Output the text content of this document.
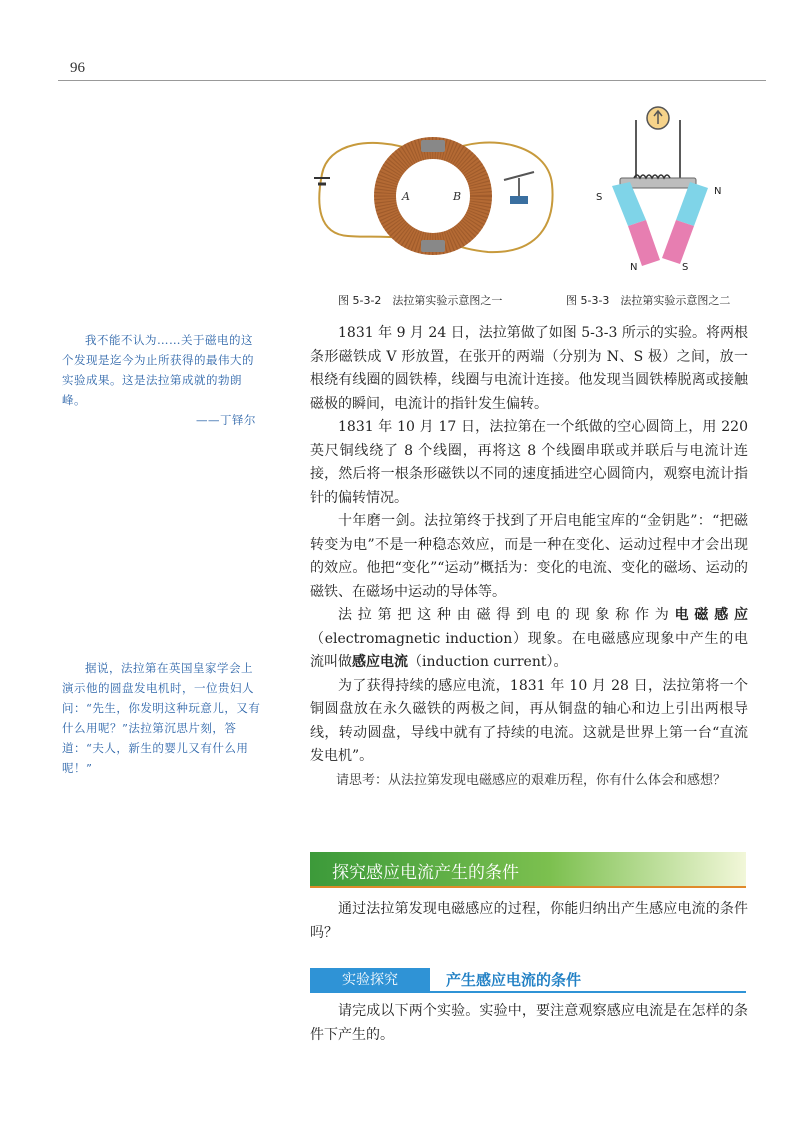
96
A	B
图 5-3-2　法拉第实验示意图之一
S
N
N	S
图 5-3-3　法拉第实验示意图之二

我不能不认为……关于磁电的这个发现是迄今为止所获得的最伟大的实验成果。这是法拉第成就的勃朗峰。

——丁铎尔

据说，法拉第在英国皇家学会上演示他的圆盘发电机时，一位贵妇人问：“先生，你发明这种玩意儿，又有什么用呢？”法拉第沉思片刻，答道：“夫人，新生的婴儿又有什么用呢！”

1831 年 9 月 24 日，法拉第做了如图 5-3-3 所示的实验。将两根条形磁铁成 V 形放置，在张开的两端（分别为 N、S 极）之间，放一根绕有线圈的圆铁棒，线圈与电流计连接。他发现当圆铁棒脱离或接触磁极的瞬间，电流计的指针发生偏转。

1831 年 10 月 17 日，法拉第在一个纸做的空心圆筒上，用 220 英尺铜线绕了 8 个线圈，再将这 8 个线圈串联或并联后与电流计连接，然后将一根条形磁铁以不同的速度插进空心圆筒内，观察电流计指针的偏转情况。

十年磨一剑。法拉第终于找到了开启电能宝库的“金钥匙”：“把磁转变为电”不是一种稳态效应，而是一种在变化、运动过程中才会出现的效应。他把“变化”“运动”概括为：变化的电流、变化的磁场、运动的磁铁、在磁场中运动的导体等。

法拉第把这种由磁得到电的现象称作为电磁感应（electromagnetic induction）现象。在电磁感应现象中产生的电流叫做感应电流（induction current）。

为了获得持续的感应电流，1831 年 10 月 28 日，法拉第将一个铜圆盘放在永久磁铁的两极之间，再从铜盘的轴心和边上引出两根导线，转动圆盘，导线中就有了持续的电流。这就是世界上第一台“直流发电机”。

请思考：从法拉第发现电磁感应的艰难历程，你有什么体会和感想？

探究感应电流产生的条件

通过法拉第发现电磁感应的过程，你能归纳出产生感应电流的条件吗？

实验探究	产生感应电流的条件

请完成以下两个实验。实验中，要注意观察感应电流是在怎样的条件下产生的。
